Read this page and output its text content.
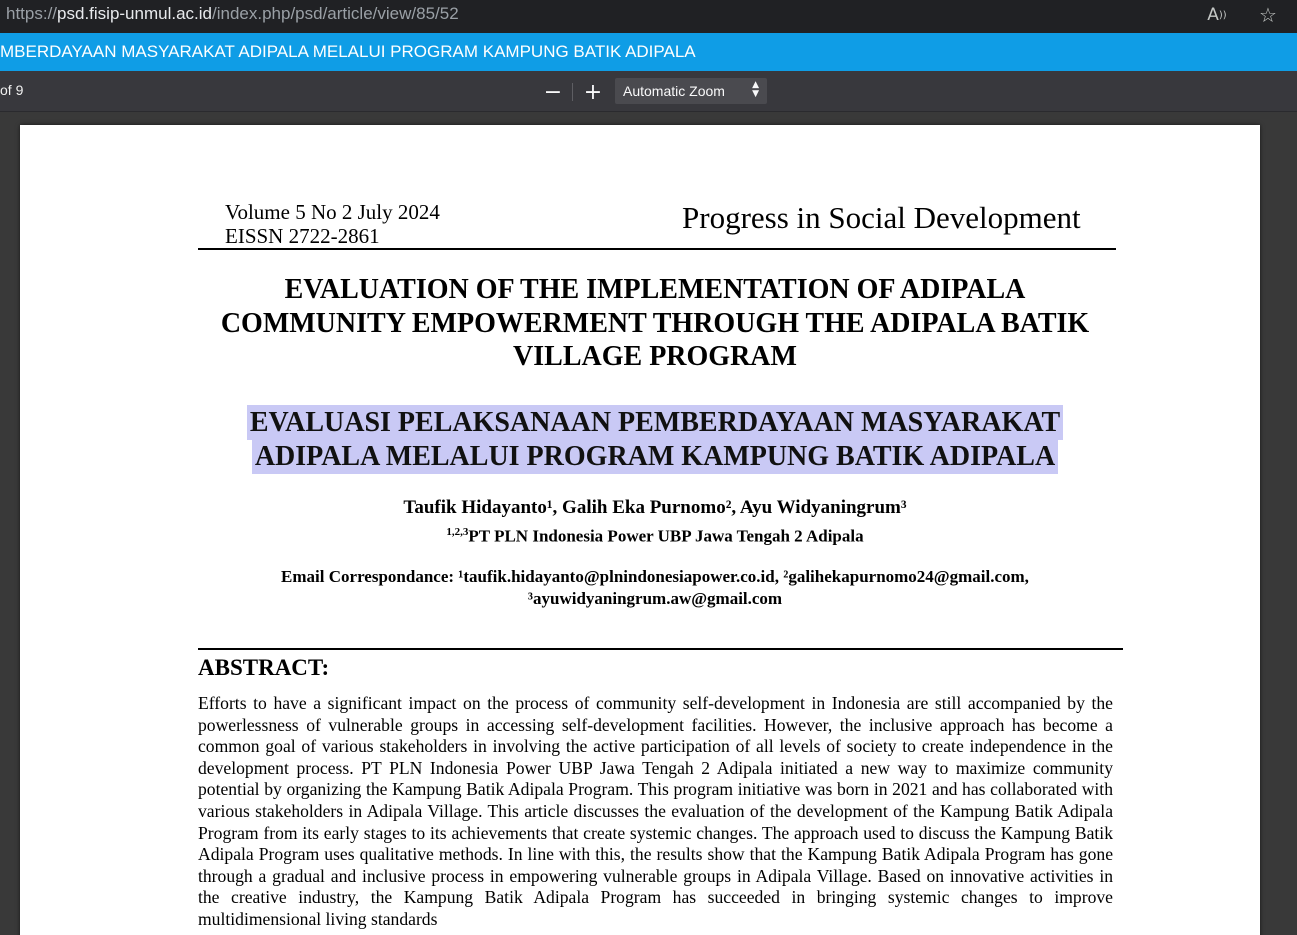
https://psd.fisip-unmul.ac.id/index.php/psd/article/view/85/52	A )) ☆
MBERDAYAAN MASYARAKAT ADIPALA MELALUI PROGRAM KAMPUNG BATIK ADIPALA
of 9	− + Automatic Zoom	▲
▼
Volume 5 No 2 July 2024
EISSN 2722-2861
Progress in Social Development
EVALUATION OF THE IMPLEMENTATION OF ADIPALA
COMMUNITY EMPOWERMENT THROUGH THE ADIPALA BATIK
VILLAGE PROGRAM
EVALUASI PELAKSANAAN PEMBERDAYAAN MASYARAKAT
ADIPALA MELALUI PROGRAM KAMPUNG BATIK ADIPALA
Taufik Hidayanto¹, Galih Eka Purnomo², Ayu Widyaningrum³
$^{1,2,3}$PT PLN Indonesia Power UBP Jawa Tengah 2 Adipala
Email Correspondance: ¹taufik.hidayanto@plnindonesiapower.co.id, ²galihekapurnomo24@gmail.com,
³ayuwidyaningrum.aw@gmail.com
ABSTRACT:
Efforts to have a significant impact on the process of community self-development in Indonesia are still accompanied by the powerlessness of vulnerable groups in accessing self-development facilities. However, the inclusive approach has become a common goal of various stakeholders in involving the active participation of all levels of society to create independence in the development process. PT PLN Indonesia Power UBP Jawa Tengah 2 Adipala initiated a new way to maximize community potential by organizing the Kampung Batik Adipala Program. This program initiative was born in 2021 and has collaborated with various stakeholders in Adipala Village. This article discusses the evaluation of the development of the Kampung Batik Adipala Program from its early stages to its achievements that create systemic changes. The approach used to discuss the Kampung Batik Adipala Program uses qualitative methods. In line with this, the results show that the Kampung Batik Adipala Program has gone through a gradual and inclusive process in empowering vulnerable groups in Adipala Village. Based on innovative activities in the creative industry, the Kampung Batik Adipala Program has succeeded in bringing systemic changes to improve multidimensional living standards
